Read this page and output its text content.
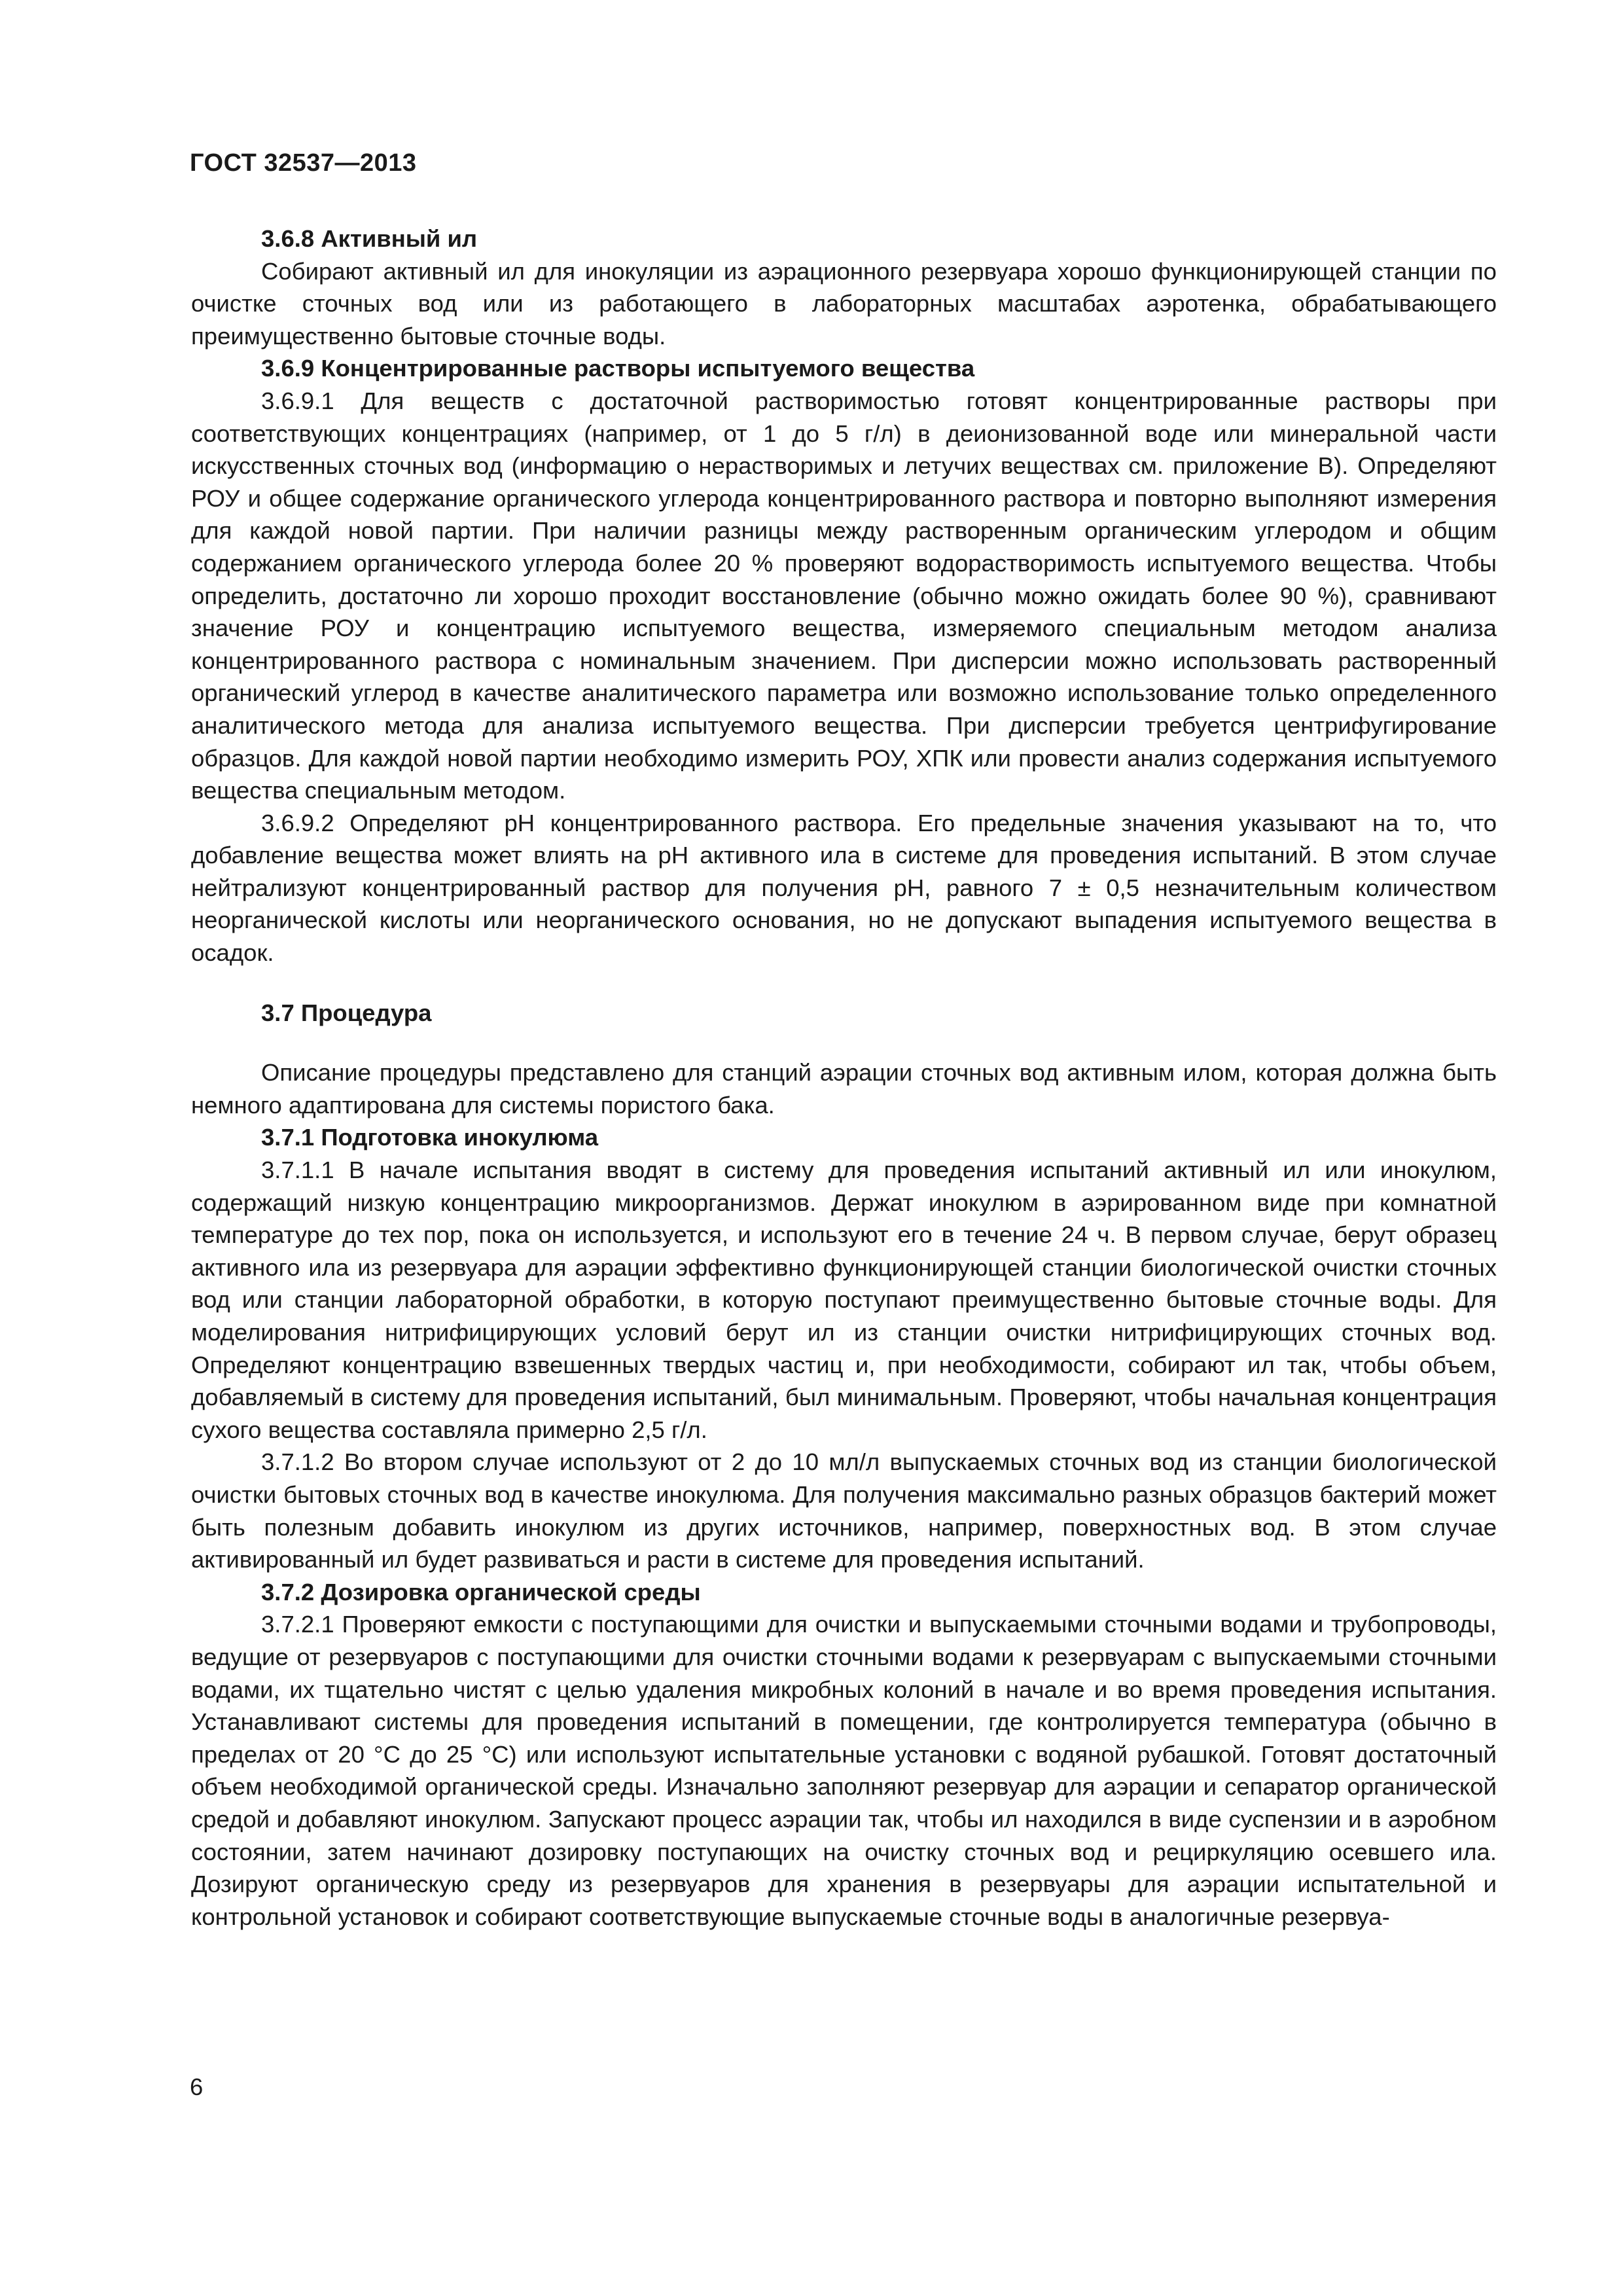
ГОСТ 32537—2013

3.6.8 Активный ил

Собирают активный ил для инокуляции из аэрационного резервуара хорошо функционирующей станции по очистке сточных вод или из работающего в лабораторных масштабах аэротенка, обрабатывающего преимущественно бытовые сточные воды.

3.6.9 Концентрированные растворы испытуемого вещества

3.6.9.1 Для веществ с достаточной растворимостью готовят концентрированные растворы при соответствующих концентрациях (например, от 1 до 5 г/л) в деионизованной воде или минеральной части искусственных сточных вод (информацию о нерастворимых и летучих веществах см. приложение В). Определяют РОУ и общее содержание органического углерода концентрированного раствора и повторно выполняют измерения для каждой новой партии. При наличии разницы между растворенным органическим углеродом и общим содержанием органического углерода более 20 % проверяют водорастворимость испытуемого вещества. Чтобы определить, достаточно ли хорошо проходит восстановление (обычно можно ожидать более 90 %), сравнивают значение РОУ и концентрацию испытуемого вещества, измеряемого специальным методом анализа концентрированного раствора с номинальным значением. При дисперсии можно использовать растворенный органический углерод в качестве аналитического параметра или возможно использование только определенного аналитического метода для анализа испытуемого вещества. При дисперсии требуется центрифугирование образцов. Для каждой новой партии необходимо измерить РОУ, ХПК или провести анализ содержания испытуемого вещества специальным методом.

3.6.9.2 Определяют pH концентрированного раствора. Его предельные значения указывают на то, что добавление вещества может влиять на pH активного ила в системе для проведения испытаний. В этом случае нейтрализуют концентрированный раствор для получения pH, равного 7 ± 0,5 незначительным количеством неорганической кислоты или неорганического основания, но не допускают выпадения испытуемого вещества в осадок.

3.7 Процедура

Описание процедуры представлено для станций аэрации сточных вод активным илом, которая должна быть немного адаптирована для системы пористого бака.

3.7.1 Подготовка инокулюма

3.7.1.1 В начале испытания вводят в систему для проведения испытаний активный ил или инокулюм, содержащий низкую концентрацию микроорганизмов. Держат инокулюм в аэрированном виде при комнатной температуре до тех пор, пока он используется, и используют его в течение 24 ч. В первом случае, берут образец активного ила из резервуара для аэрации эффективно функционирующей станции биологической очистки сточных вод или станции лабораторной обработки, в которую поступают преимущественно бытовые сточные воды. Для моделирования нитрифицирующих условий берут ил из станции очистки нитрифицирующих сточных вод. Определяют концентрацию взвешенных твердых частиц и, при необходимости, собирают ил так, чтобы объем, добавляемый в систему для проведения испытаний, был минимальным. Проверяют, чтобы начальная концентрация сухого вещества составляла примерно 2,5 г/л.

3.7.1.2 Во втором случае используют от 2 до 10 мл/л выпускаемых сточных вод из станции биологической очистки бытовых сточных вод в качестве инокулюма. Для получения максимально разных образцов бактерий может быть полезным добавить инокулюм из других источников, например, поверхностных вод. В этом случае активированный ил будет развиваться и расти в системе для проведения испытаний.

3.7.2 Дозировка органической среды

3.7.2.1 Проверяют емкости с поступающими для очистки и выпускаемыми сточными водами и трубопроводы, ведущие от резервуаров с поступающими для очистки сточными водами к резервуарам с выпускаемыми сточными водами, их тщательно чистят с целью удаления микробных колоний в начале и во время проведения испытания. Устанавливают системы для проведения испытаний в помещении, где контролируется температура (обычно в пределах от 20 °С до 25 °С) или используют испытательные установки с водяной рубашкой. Готовят достаточный объем необходимой органической среды. Изначально заполняют резервуар для аэрации и сепаратор органической средой и добавляют инокулюм. Запускают процесс аэрации так, чтобы ил находился в виде суспензии и в аэробном состоянии, затем начинают дозировку поступающих на очистку сточных вод и рециркуляцию осевшего ила. Дозируют органическую среду из резервуаров для хранения в резервуары для аэрации испытательной и контрольной установок и собирают соответствующие выпускаемые сточные воды в аналогичные резервуа-

6
